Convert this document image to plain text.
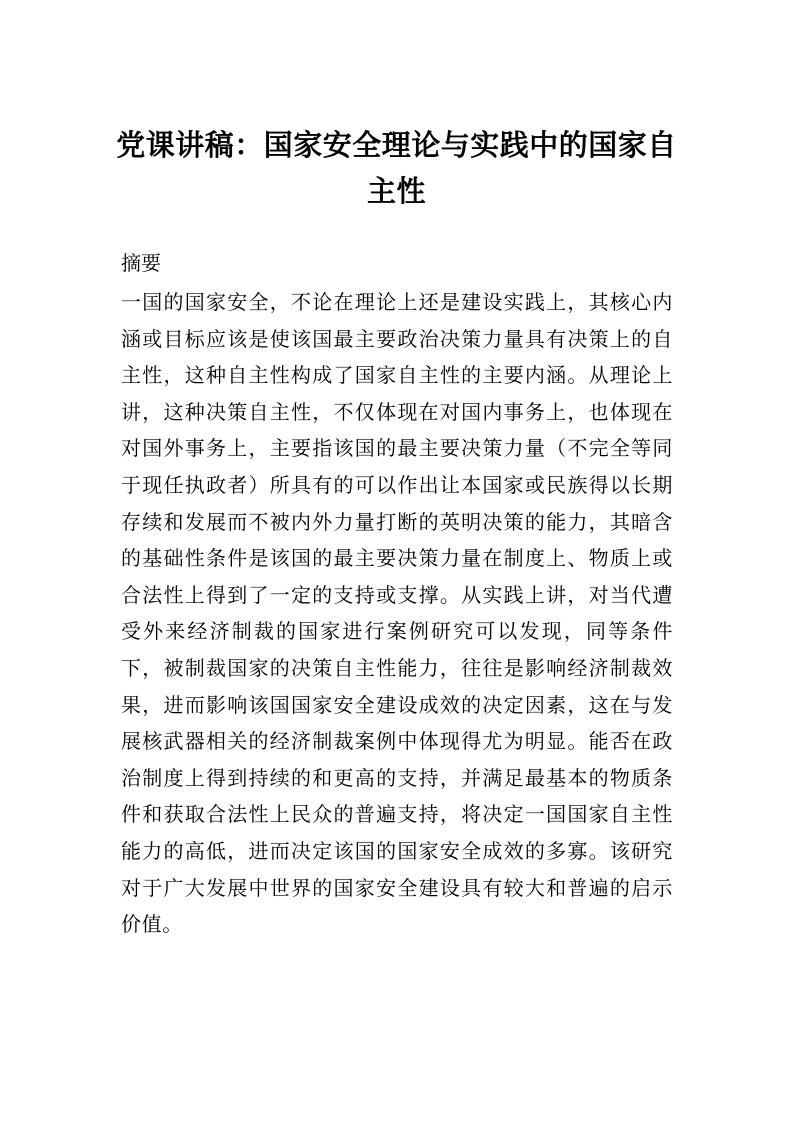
党课讲稿：国家安全理论与实践中的国家自主性
摘要

一国的国家安全，不论在理论上还是建设实践上，其核心内涵或目标应该是使该国最主要政治决策力量具有决策上的自主性，这种自主性构成了国家自主性的主要内涵。从理论上讲，这种决策自主性，不仅体现在对国内事务上，也体现在对国外事务上，主要指该国的最主要决策力量（不完全等同于现任执政者）所具有的可以作出让本国家或民族得以长期存续和发展而不被内外力量打断的英明决策的能力，其暗含的基础性条件是该国的最主要决策力量在制度上、物质上或合法性上得到了一定的支持或支撑。从实践上讲，对当代遭受外来经济制裁的国家进行案例研究可以发现，同等条件下，被制裁国家的决策自主性能力，往往是影响经济制裁效果，进而影响该国国家安全建设成效的决定因素，这在与发展核武器相关的经济制裁案例中体现得尤为明显。能否在政治制度上得到持续的和更高的支持，并满足最基本的物质条件和获取合法性上民众的普遍支持，将决定一国国家自主性能力的高低，进而决定该国的国家安全成效的多寡。该研究对于广大发展中世界的国家安全建设具有较大和普遍的启示价值。
